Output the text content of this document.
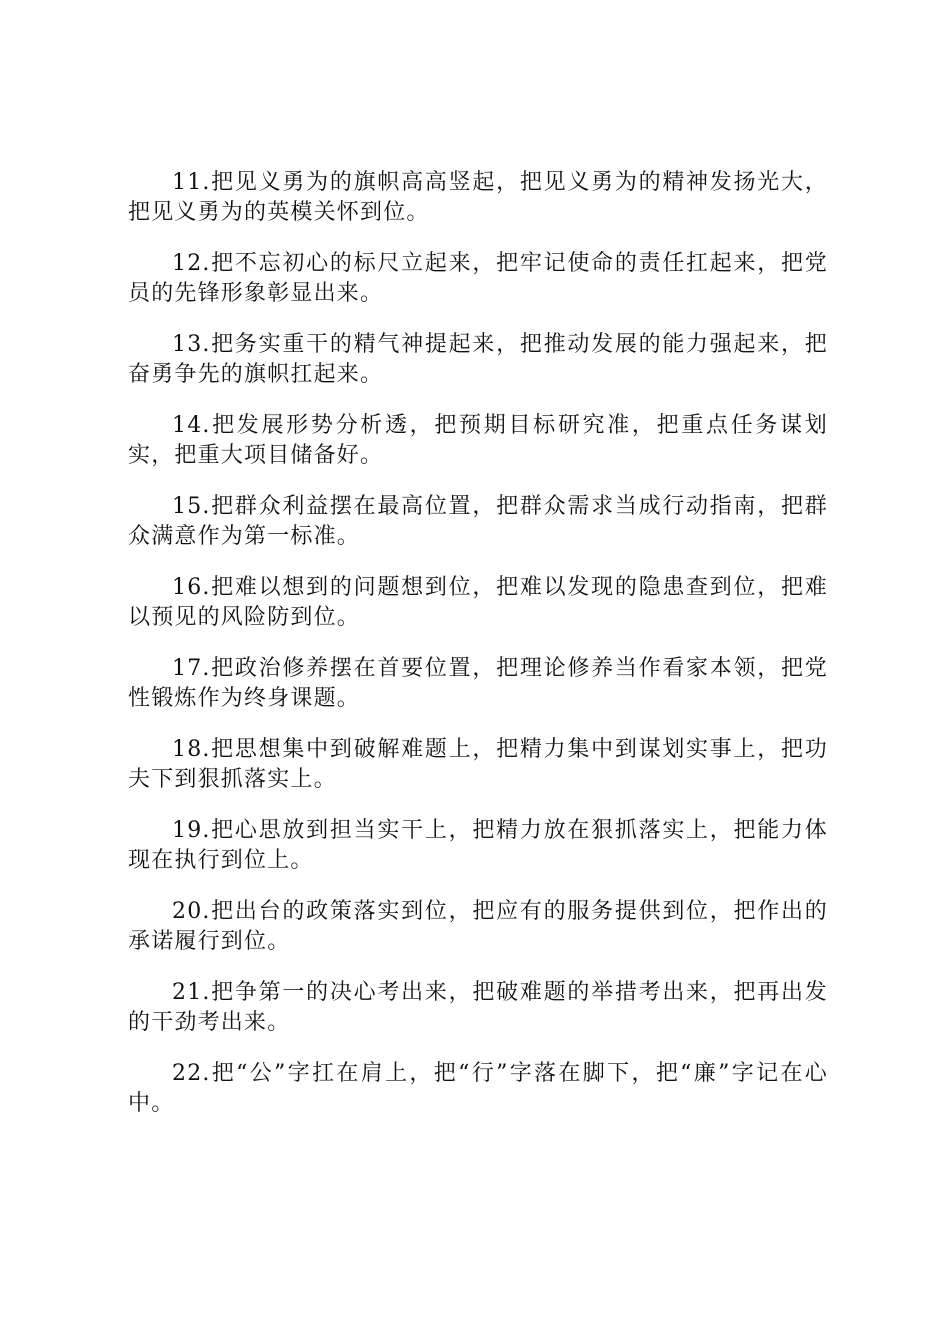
11.把见义勇为的旗帜高高竖起，把见义勇为的精神发扬光大，把见义勇为的英模关怀到位。

12.把不忘初心的标尺立起来，把牢记使命的责任扛起来，把党员的先锋形象彰显出来。

13.把务实重干的精气神提起来，把推动发展的能力强起来，把奋勇争先的旗帜扛起来。

14.把发展形势分析透，把预期目标研究准，把重点任务谋划实，把重大项目储备好。

15.把群众利益摆在最高位置，把群众需求当成行动指南，把群众满意作为第一标准。

16.把难以想到的问题想到位，把难以发现的隐患查到位，把难以预见的风险防到位。

17.把政治修养摆在首要位置，把理论修养当作看家本领，把党性锻炼作为终身课题。

18.把思想集中到破解难题上，把精力集中到谋划实事上，把功夫下到狠抓落实上。

19.把心思放到担当实干上，把精力放在狠抓落实上，把能力体现在执行到位上。

20.把出台的政策落实到位，把应有的服务提供到位，把作出的承诺履行到位。

21.把争第一的决心考出来，把破难题的举措考出来，把再出发的干劲考出来。

22.把“公”字扛在肩上，把“行”字落在脚下，把“廉”字记在心中。
